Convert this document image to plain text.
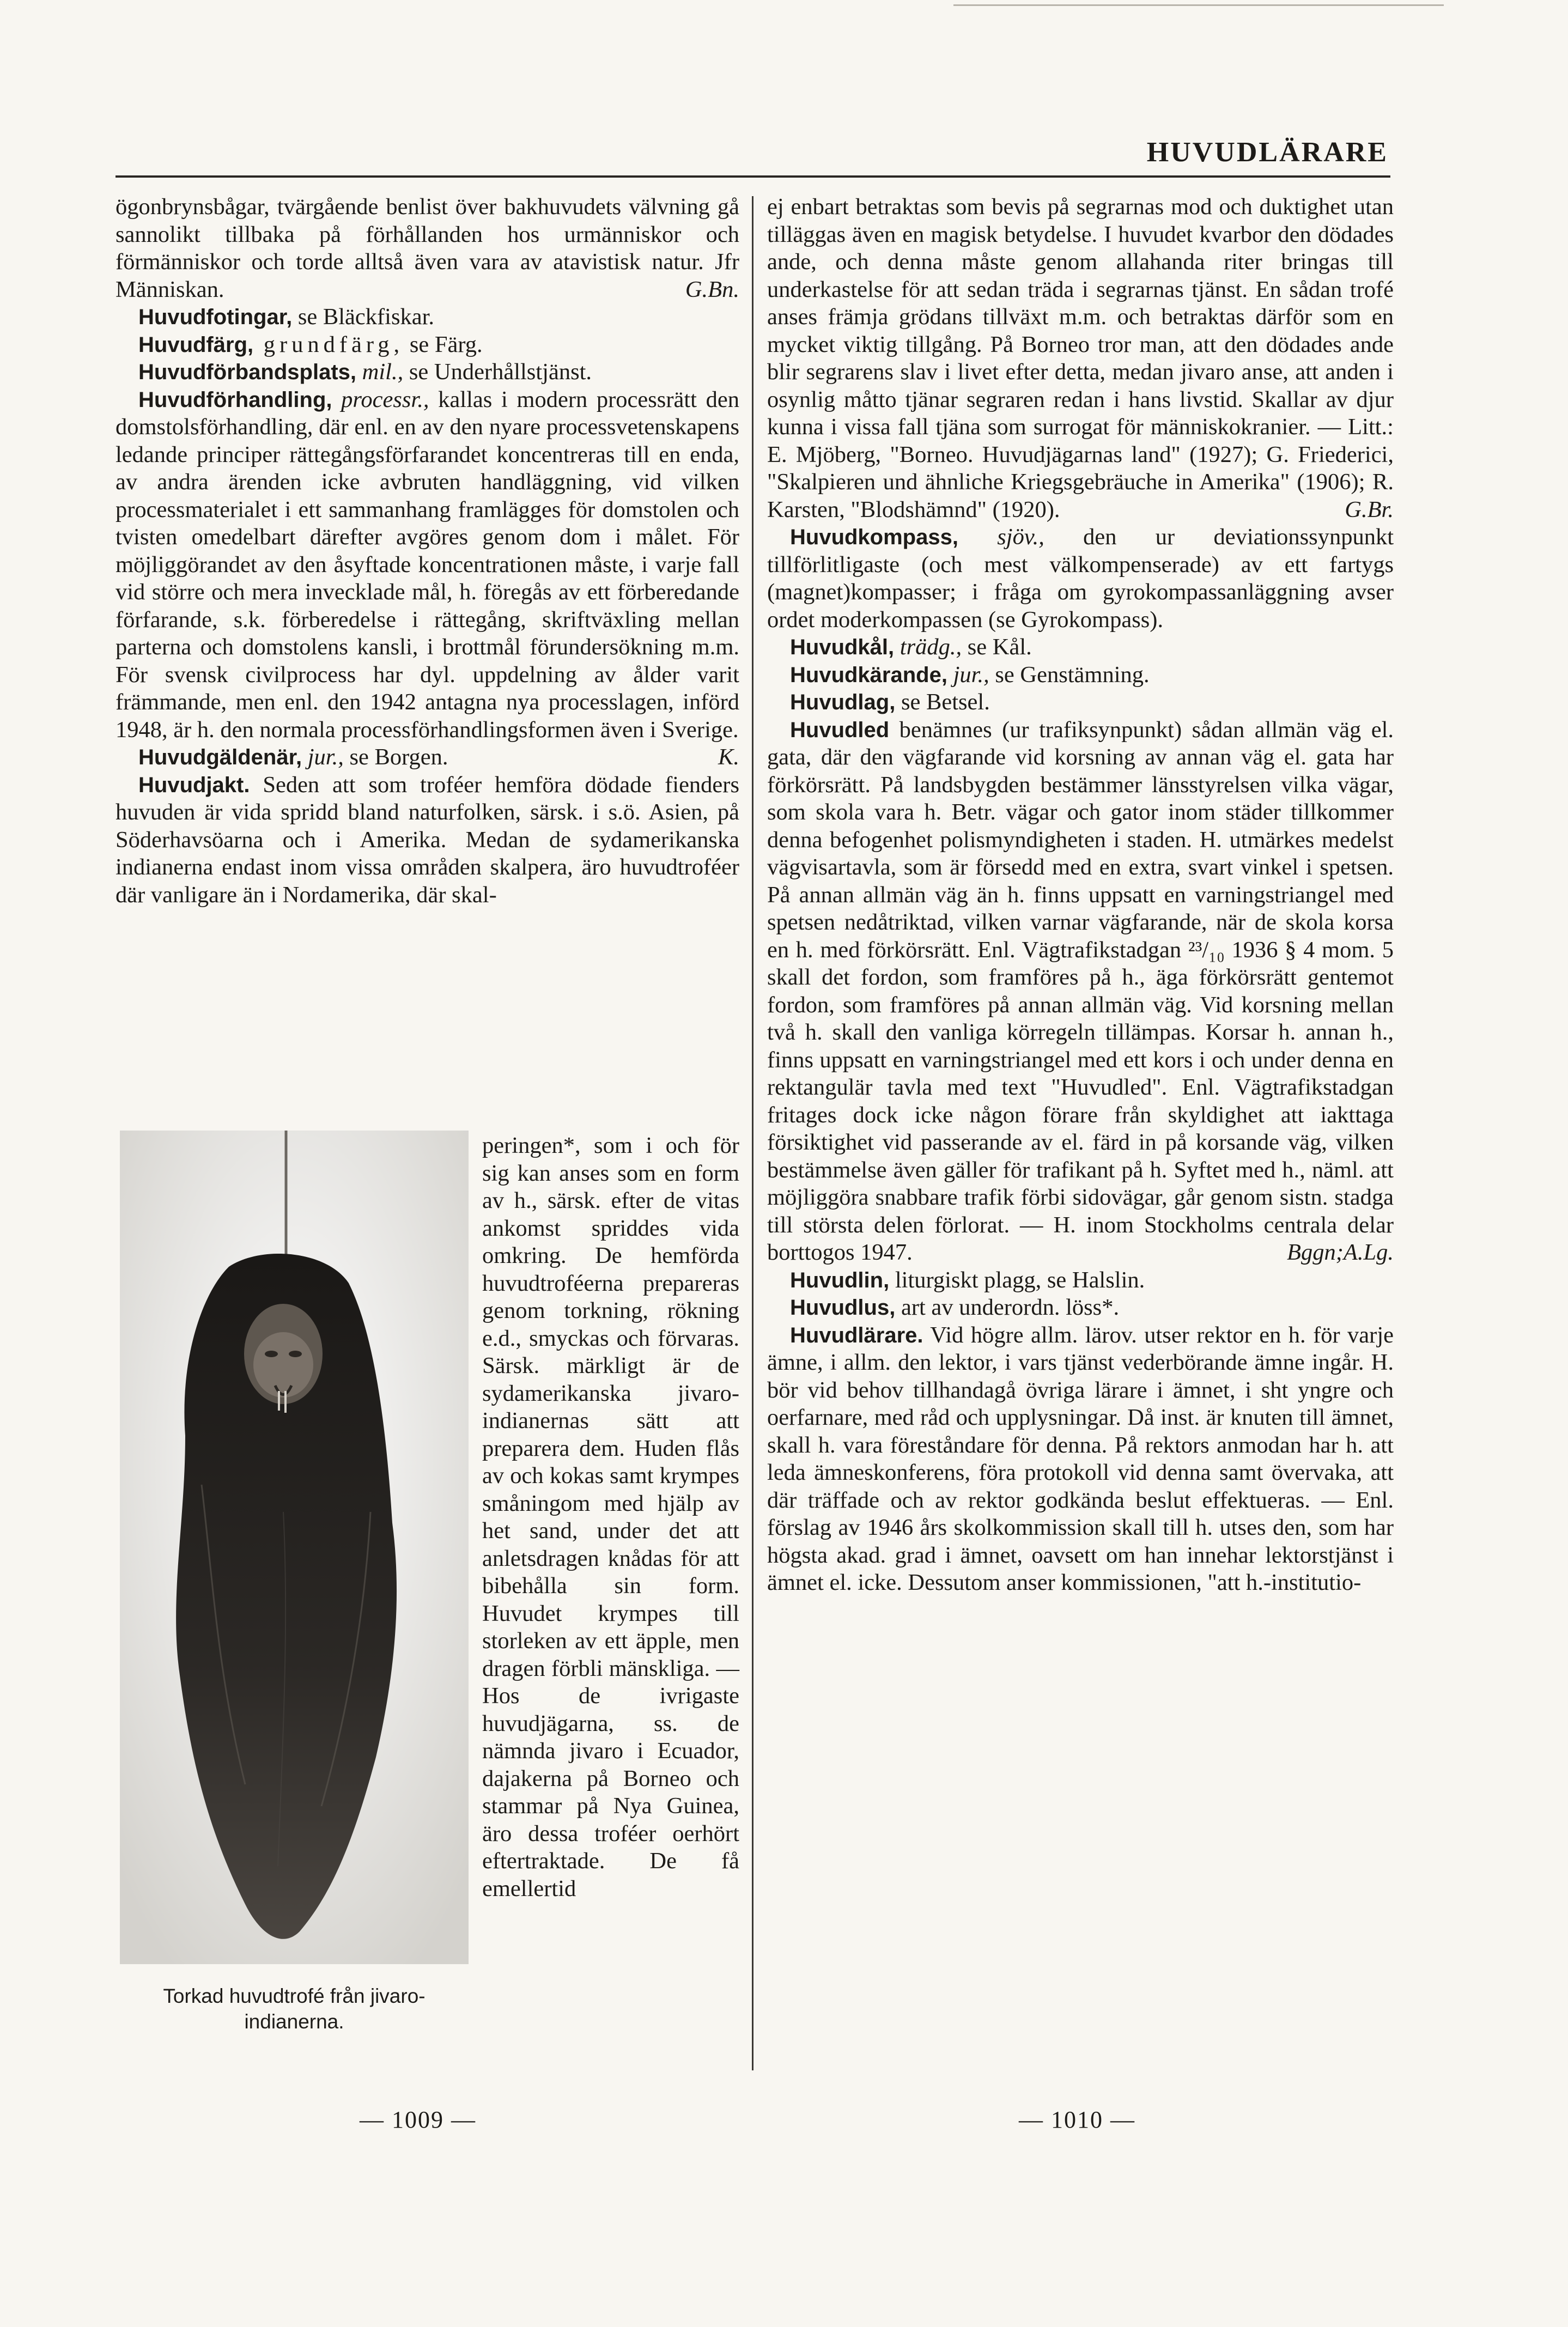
HUVUDLÄRARE

ögonbrynsbågar, tvärgående benlist över bakhuvudets välvning gå sannolikt tillbaka på förhållanden hos urmänniskor och förmänniskor och torde alltså även vara av atavistisk natur. Jfr Människan.	G.Bn.

Huvudfotingar, se Bläckfiskar.

Huvudfärg, grundfärg, se Färg.

Huvudförbandsplats, mil., se Underhållstjänst.

Huvudförhandling, processr., kallas i modern processrätt den domstolsförhandling, där enl. en av den nyare processvetenskapens ledande principer rättegångsförfarandet koncentreras till en enda, av andra ärenden icke avbruten handläggning, vid vilken processmaterialet i ett sammanhang framlägges för domstolen och tvisten omedelbart därefter avgöres genom dom i målet. För möjliggörandet av den åsyftade koncentrationen måste, i varje fall vid större och mera invecklade mål, h. föregås av ett förberedande förfarande, s.k. förberedelse i rättegång, skriftväxling mellan parterna och domstolens kansli, i brottmål förundersökning m.m. För svensk civilprocess har dyl. uppdelning av ålder varit främmande, men enl. den 1942 antagna nya processlagen, införd 1948, är h. den normala processförhandlingsformen även i Sverige.
K.

Huvudgäldenär, jur., se Borgen.

Huvudjakt. Seden att som troféer hemföra dödade fienders huvuden är vida spridd bland naturfolken, särsk. i s.ö. Asien, på Söderhavsöarna och i Amerika. Medan de sydamerikanska indianerna endast inom vissa områden skalpera, äro huvudtroféer där vanligare än i Nordamerika, där skal-

Torkad huvudtrofé från jivaro-indianerna.
peringen*, som i och för sig kan anses som en form av h., särsk. efter de vitas ankomst spriddes vida omkring. De hemförda huvudtroféerna prepareras genom torkning, rökning e.d., smyckas och förvaras. Särsk. märkligt är de sydamerikanska jivaro-indianernas sätt att preparera dem. Huden flås av och kokas samt krympes småningom med hjälp av het sand, under det att anletsdragen knådas för att bibehålla sin form. Huvudet krympes till storleken av ett äpple, men dragen förbli mänskliga. — Hos de ivrigaste huvudjägarna, ss. de nämnda jivaro i Ecuador, dajakerna på Borneo och stammar på Nya Guinea, äro dessa troféer oerhört eftertraktade. De få emellertid

ej enbart betraktas som bevis på segrarnas mod och duktighet utan tilläggas även en magisk betydelse. I huvudet kvarbor den dödades ande, och denna måste genom allahanda riter bringas till underkastelse för att sedan träda i segrarnas tjänst. En sådan trofé anses främja grödans tillväxt m.m. och betraktas därför som en mycket viktig tillgång. På Borneo tror man, att den dödades ande blir segrarens slav i livet efter detta, medan jivaro anse, att anden i osynlig måtto tjänar segraren redan i hans livstid. Skallar av djur kunna i vissa fall tjäna som surrogat för människokranier. — Litt.: E. Mjöberg, "Borneo. Huvudjägarnas land" (1927); G. Friederici, "Skalpieren und ähnliche Kriegsgebräuche in Amerika" (1906); R. Karsten, "Blodshämnd" (1920).	G.Br.

Huvudkompass, sjöv., den ur deviationssynpunkt tillförlitligaste (och mest välkompenserade) av ett fartygs (magnet)kompasser; i fråga om gyrokompassanläggning avser ordet moderkompassen (se Gyrokompass).

Huvudkål, trädg., se Kål.

Huvudkärande, jur., se Genstämning.

Huvudlag, se Betsel.

Huvudled benämnes (ur trafiksynpunkt) sådan allmän väg el. gata, där den vägfarande vid korsning av annan väg el. gata har förkörsrätt. På landsbygden bestämmer länsstyrelsen vilka vägar, som skola vara h. Betr. vägar och gator inom städer tillkommer denna befogenhet polismyndigheten i staden. H. utmärkes medelst vägvisartavla, som är försedd med en extra, svart vinkel i spetsen. På annan allmän väg än h. finns uppsatt en varningstriangel med spetsen nedåtriktad, vilken varnar vägfarande, när de skola korsa en h. med förkörsrätt. Enl. Vägtrafikstadgan ²³/₁₀ 1936 § 4 mom. 5 skall det fordon, som framföres på h., äga förkörsrätt gentemot fordon, som framföres på annan allmän väg. Vid korsning mellan två h. skall den vanliga körregeln tillämpas. Korsar h. annan h., finns uppsatt en varningstriangel med ett kors i och under denna en rektangulär tavla med text "Huvudled". Enl. Vägtrafikstadgan fritages dock icke någon förare från skyldighet att iakttaga försiktighet vid passerande av el. färd in på korsande väg, vilken bestämmelse även gäller för trafikant på h. Syftet med h., näml. att möjliggöra snabbare trafik förbi sidovägar, går genom sistn. stadga till största delen förlorat. — H. inom Stockholms centrala delar borttogos 1947.	Bggn;A.Lg.

Huvudlin, liturgiskt plagg, se Halslin.

Huvudlus, art av underordn. löss*.

Huvudlärare. Vid högre allm. lärov. utser rektor en h. för varje ämne, i allm. den lektor, i vars tjänst vederbörande ämne ingår. H. bör vid behov tillhandagå övriga lärare i ämnet, i sht yngre och oerfarnare, med råd och upplysningar. Då inst. är knuten till ämnet, skall h. vara föreståndare för denna. På rektors anmodan har h. att leda ämneskonferens, föra protokoll vid denna samt övervaka, att där träffade och av rektor godkända beslut effektueras. — Enl. förslag av 1946 års skolkommission skall till h. utses den, som har högsta akad. grad i ämnet, oavsett om han innehar lektorstjänst i ämnet el. icke. Dessutom anser kommissionen, "att h.-institutio-

— 1009 —	— 1010 —
